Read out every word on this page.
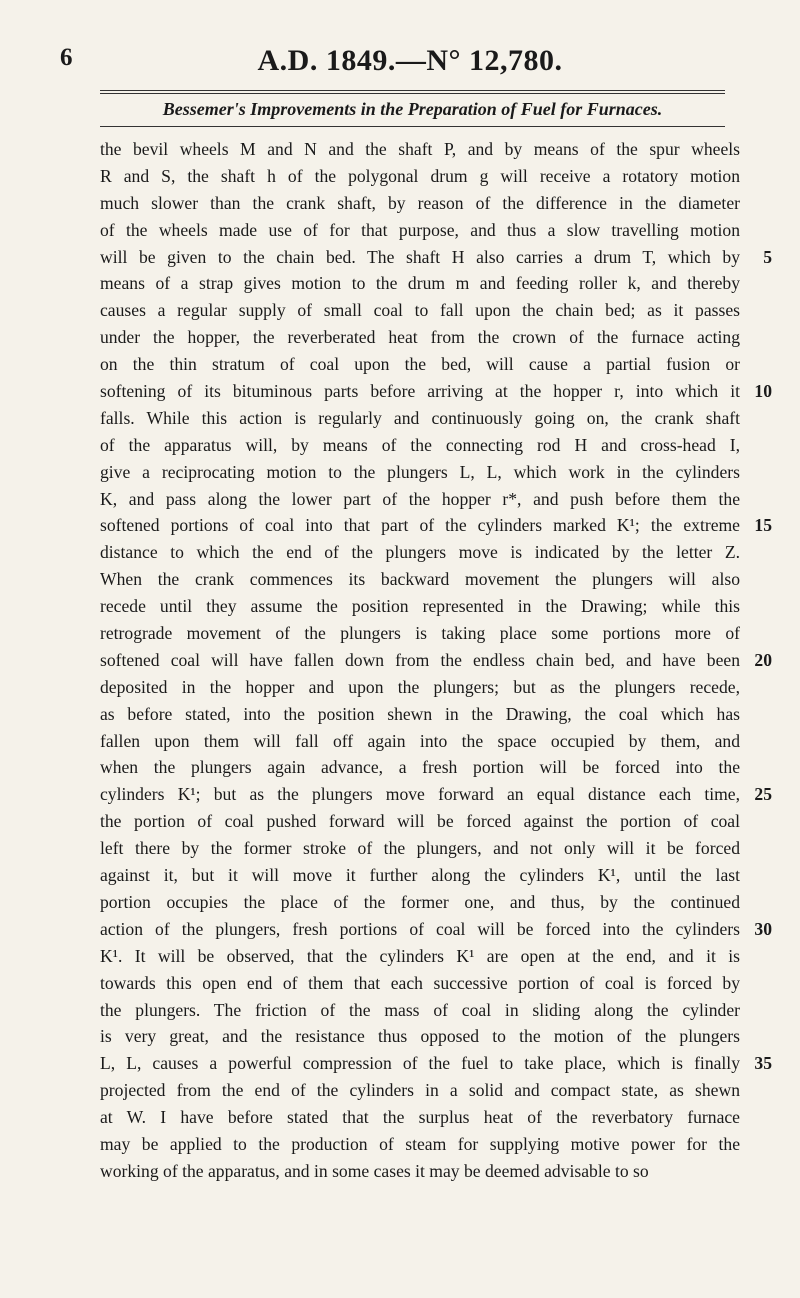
6	A.D. 1849.—N° 12,780.
Bessemer's Improvements in the Preparation of Fuel for Furnaces.
the bevil wheels M and N and the shaft P, and by means of the spur wheels
R and S, the shaft h of the polygonal drum g will receive a rotatory motion
much slower than the crank shaft, by reason of the difference in the diameter
of the wheels made use of for that purpose, and thus a slow travelling motion
will be given to the chain bed. The shaft H also carries a drum T, which by 5
means of a strap gives motion to the drum m and feeding roller k, and thereby
causes a regular supply of small coal to fall upon the chain bed; as it passes
under the hopper, the reverberated heat from the crown of the furnace acting
on the thin stratum of coal upon the bed, will cause a partial fusion or
softening of its bituminous parts before arriving at the hopper r, into which it 10
falls. While this action is regularly and continuously going on, the crank shaft
of the apparatus will, by means of the connecting rod H and cross-head I,
give a reciprocating motion to the plungers L, L, which work in the cylinders
K, and pass along the lower part of the hopper r*, and push before them the
softened portions of coal into that part of the cylinders marked K¹; the extreme 15
distance to which the end of the plungers move is indicated by the letter Z.
When the crank commences its backward movement the plungers will also
recede until they assume the position represented in the Drawing; while this
retrograde movement of the plungers is taking place some portions more of
softened coal will have fallen down from the endless chain bed, and have been 20
deposited in the hopper and upon the plungers; but as the plungers recede,
as before stated, into the position shewn in the Drawing, the coal which has
fallen upon them will fall off again into the space occupied by them, and
when the plungers again advance, a fresh portion will be forced into the
cylinders K¹; but as the plungers move forward an equal distance each time, 25
the portion of coal pushed forward will be forced against the portion of coal
left there by the former stroke of the plungers, and not only will it be forced
against it, but it will move it further along the cylinders K¹, until the last
portion occupies the place of the former one, and thus, by the continued
action of the plungers, fresh portions of coal will be forced into the cylinders 30
K¹. It will be observed, that the cylinders K¹ are open at the end, and it is
towards this open end of them that each successive portion of coal is forced by
the plungers. The friction of the mass of coal in sliding along the cylinder
is very great, and the resistance thus opposed to the motion of the plungers
L, L, causes a powerful compression of the fuel to take place, which is finally 35
projected from the end of the cylinders in a solid and compact state, as shewn
at W. I have before stated that the surplus heat of the reverbatory furnace
may be applied to the production of steam for supplying motive power for the
working of the apparatus, and in some cases it may be deemed advisable to so
